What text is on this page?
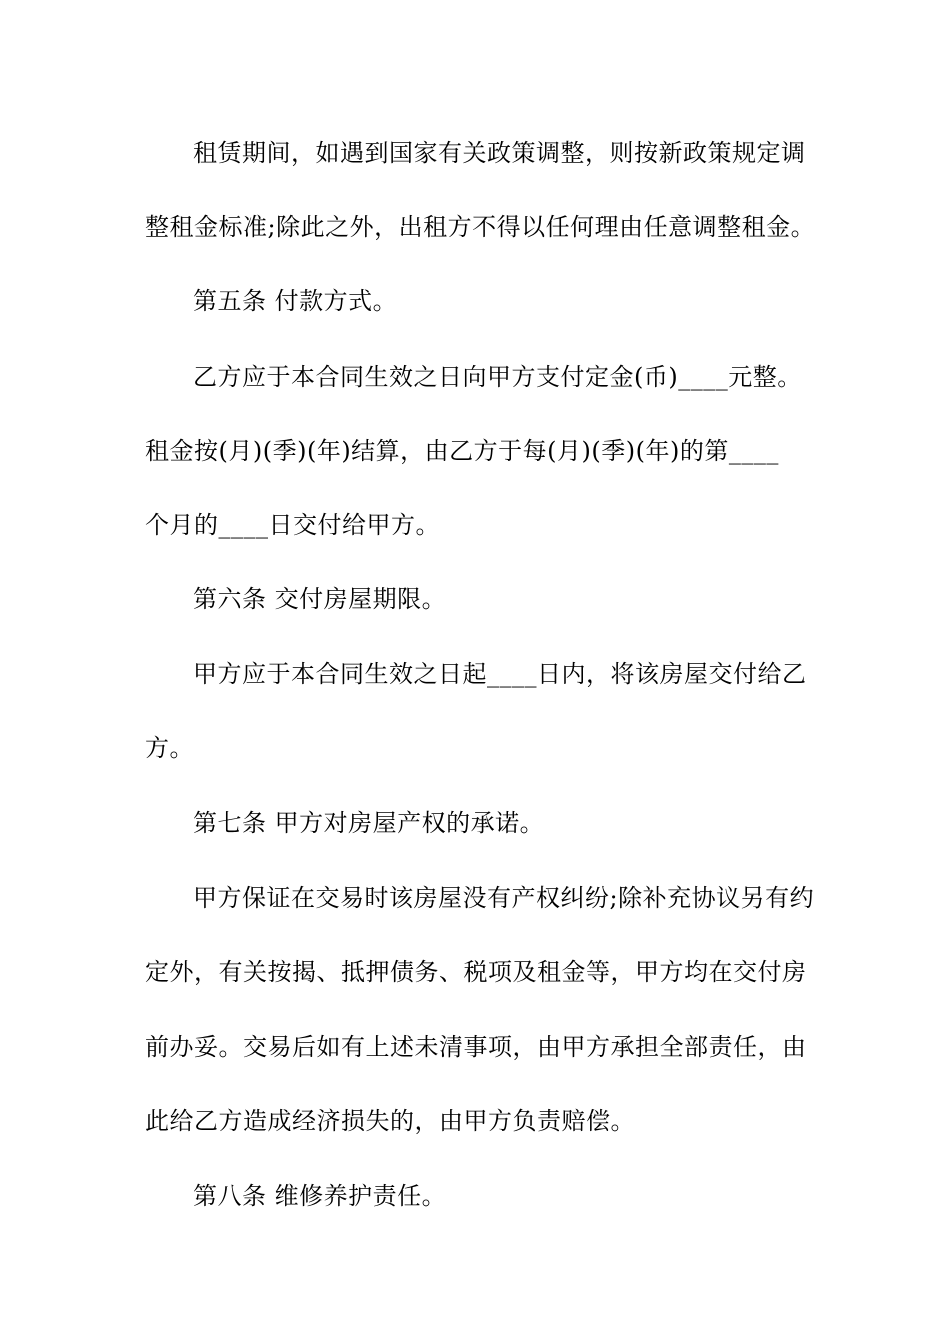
租赁期间，如遇到国家有关政策调整，则按新政策规定调
整租金标准;除此之外，出租方不得以任何理由任意调整租金。
第五条 付款方式。
乙方应于本合同生效之日向甲方支付定金(币)____元整。
租金按(月)(季)(年)结算，由乙方于每(月)(季)(年)的第____
个月的____日交付给甲方。
第六条 交付房屋期限。
甲方应于本合同生效之日起____日内，将该房屋交付给乙
方。
第七条 甲方对房屋产权的承诺。
甲方保证在交易时该房屋没有产权纠纷;除补充协议另有约
定外，有关按揭、抵押债务、税项及租金等，甲方均在交付房
前办妥。交易后如有上述未清事项，由甲方承担全部责任，由
此给乙方造成经济损失的，由甲方负责赔偿。
第八条 维修养护责任。
